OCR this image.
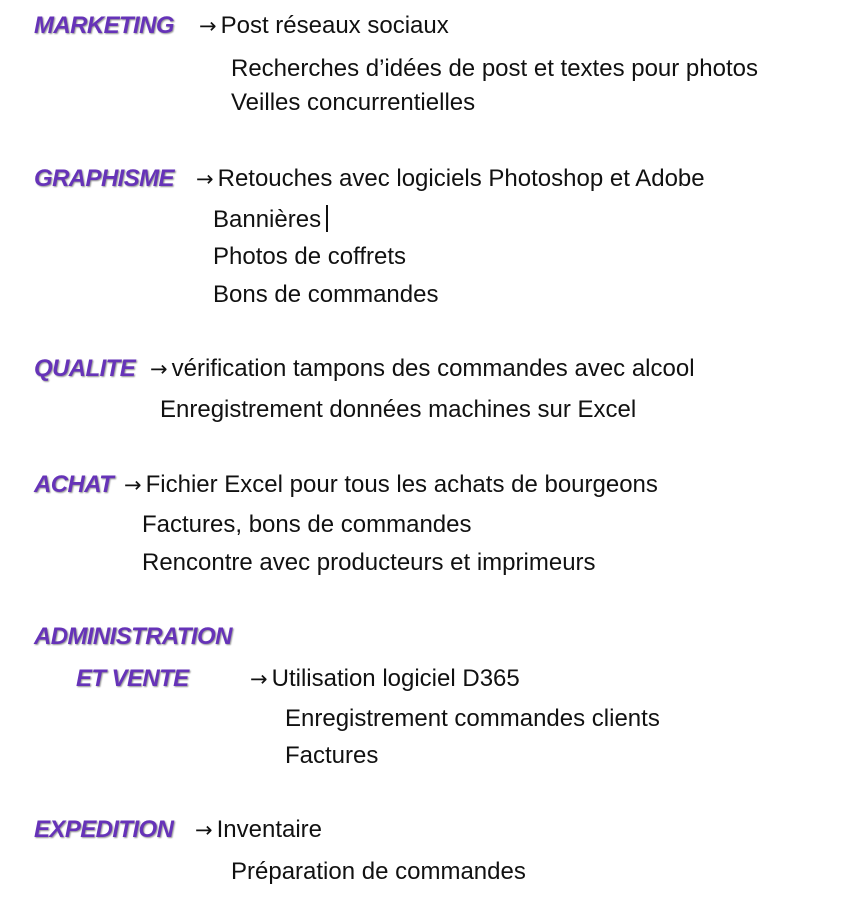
MARKETING → Post réseaux sociaux
Recherches d’idées de post et textes pour photos
Veilles concurrentielles
GRAPHISME → Retouches avec logiciels Photoshop et Adobe
Bannières
Photos de coffrets
Bons de commandes
QUALITE → vérification tampons des commandes avec alcool
Enregistrement données machines sur Excel
ACHAT → Fichier Excel pour tous les achats de bourgeons
Factures, bons de commandes
Rencontre avec producteurs et imprimeurs
ADMINISTRATION
ET VENTE	→ Utilisation logiciel D365
Enregistrement commandes clients
Factures
EXPEDITION → Inventaire
Préparation de commandes
